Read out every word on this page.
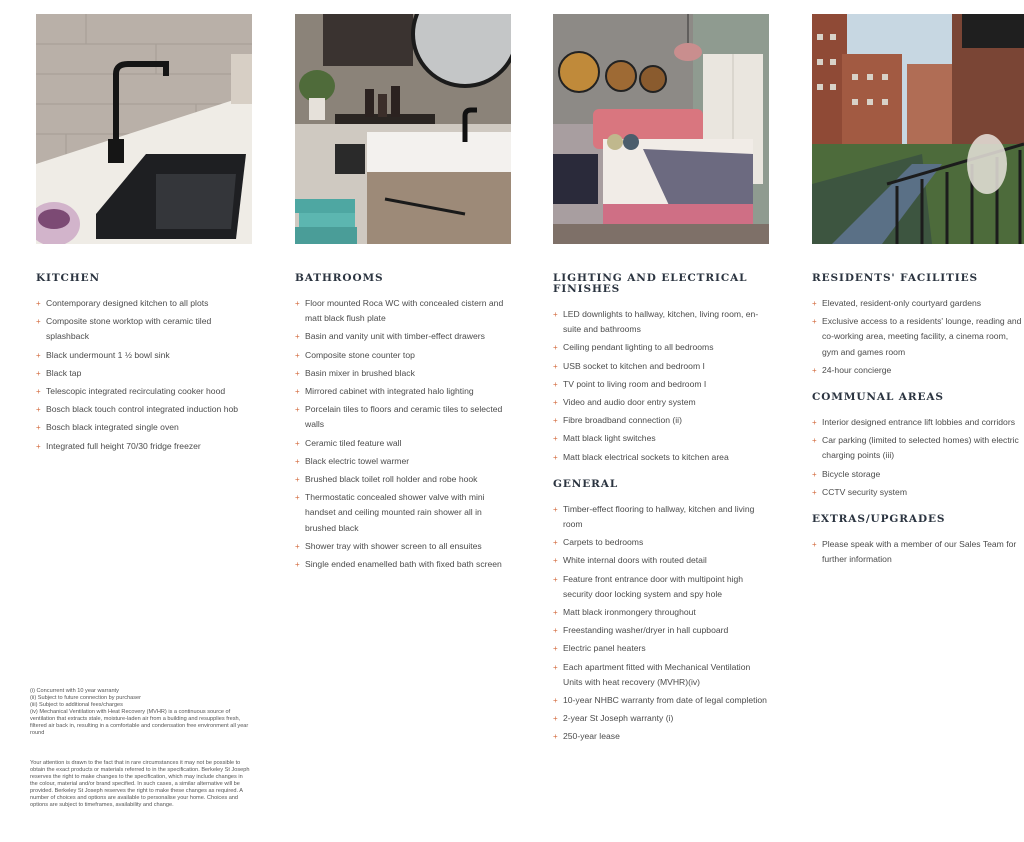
KITCHEN
+ Contemporary designed kitchen to all plots
+ Composite stone worktop with ceramic tiled splashback
+ Black undermount 1 ½ bowl sink
+ Black tap
+ Telescopic integrated recirculating cooker hood
+ Bosch black touch control integrated induction hob
+ Bosch black integrated single oven
+ Integrated full height 70/30 fridge freezer
BATHROOMS
+ Floor mounted Roca WC with concealed cistern and matt black flush plate
+ Basin and vanity unit with timber-effect drawers
+ Composite stone counter top
+ Basin mixer in brushed black
+ Mirrored cabinet with integrated halo lighting
+ Porcelain tiles to floors and ceramic tiles to selected walls
+ Ceramic tiled feature wall
+ Black electric towel warmer
+ Brushed black toilet roll holder and robe hook
+ Thermostatic concealed shower valve with mini handset and ceiling mounted rain shower all in brushed black
+ Shower tray with shower screen to all ensuites
+ Single ended enamelled bath with fixed bath screen
LIGHTING AND ELECTRICAL
FINISHES
+ LED downlights to hallway, kitchen, living room, en-suite and bathrooms
+ Ceiling pendant lighting to all bedrooms
+ USB socket to kitchen and bedroom I
+ TV point to living room and bedroom I
+ Video and audio door entry system
+ Fibre broadband connection (ii)
+ Matt black light switches
+ Matt black electrical sockets to kitchen area
GENERAL
+ Timber-effect flooring to hallway, kitchen and living room
+ Carpets to bedrooms
+ White internal doors with routed detail
+ Feature front entrance door with multipoint high security door locking system and spy hole
+ Matt black ironmongery throughout
+ Freestanding washer/dryer in hall cupboard
+ Electric panel heaters
+ Each apartment fitted with Mechanical Ventilation Units with heat recovery (MVHR)(iv)
+ 10-year NHBC warranty from date of legal completion
+ 2-year St Joseph warranty (i)
+ 250-year lease
RESIDENTS' FACILITIES
+ Elevated, resident-only courtyard gardens
+ Exclusive access to a residents' lounge, reading and co-working area, meeting facility, a cinema room, gym and games room
+ 24-hour concierge
COMMUNAL AREAS
+ Interior designed entrance lift lobbies and corridors
+ Car parking (limited to selected homes) with electric charging points (iii)
+ Bicycle storage
+ CCTV security system
EXTRAS/UPGRADES
+ Please speak with a member of our Sales Team for further information
(i) Concurrent with 10 year warranty
(ii) Subject to future connection by purchaser
(iii) Subject to additional fees/charges
(iv) Mechanical Ventilation with Heat Recovery (MVHR) is a continuous source of ventilation that extracts stale, moisture-laden air from a building and resupplies fresh, filtered air back in, resulting in a comfortable and condensation free environment all year round
Your attention is drawn to the fact that in rare circumstances it may not be possible to obtain the exact products or materials referred to in the specification. Berkeley St Joseph reserves the right to make changes to the specification, which may include changes in the colour, material and/or brand specified. In such cases, a similar alternative will be provided. Berkeley St Joseph reserves the right to make these changes as required. A number of choices and options are available to personalise your home. Choices and options are subject to timeframes, availability and change.
